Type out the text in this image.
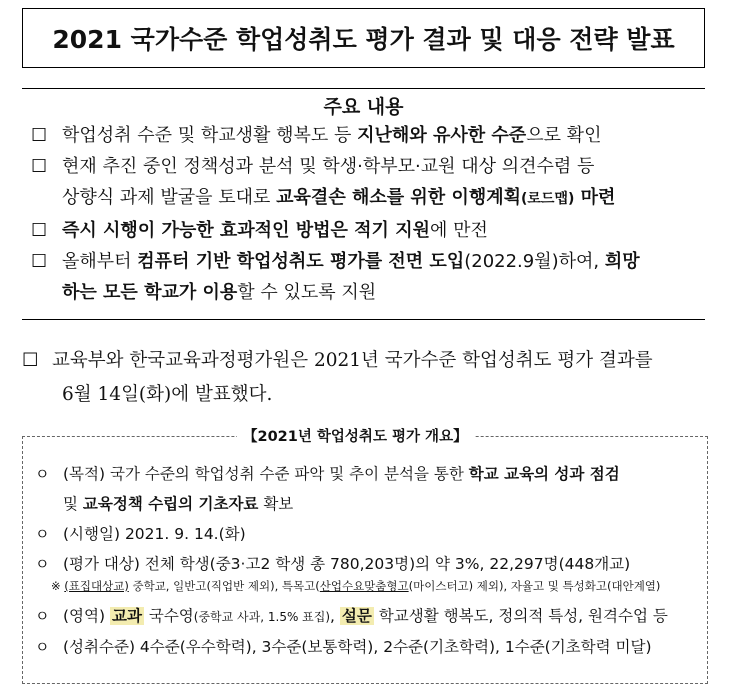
2021 국가수준 학업성취도 평가 결과 및 대응 전략 발표
주요 내용
☐ 학업성취 수준 및 학교생활 행복도 등 지난해와 유사한 수준으로 확인
☐ 현재 추진 중인 정책성과 분석 및 학생·학부모·교원 대상 의견수렴 등
상향식 과제 발굴을 토대로 교육결손 해소를 위한 이행계획(로드맵) 마련
☐ 즉시 시행이 가능한 효과적인 방법은 적기 지원에 만전
☐ 올해부터 컴퓨터 기반 학업성취도 평가를 전면 도입(2022.9월)하여, 희망
하는 모든 학교가 이용할 수 있도록 지원
☐ 교육부와 한국교육과정평가원은 2021년 국가수준 학업성취도 평가 결과를
6월 14일(화)에 발표했다.
【2021년 학업성취도 평가 개요】
ㅇ (목적) 국가 수준의 학업성취 수준 파악 및 추이 분석을 통한 학교 교육의 성과 점검
및 교육정책 수립의 기초자료 확보
ㅇ (시행일) 2021. 9. 14.(화)
ㅇ (평가 대상) 전체 학생(중3·고2 학생 총 780,203명)의 약 3%, 22,297명(448개교)
※ (표집대상교) 중학교, 일반고(직업반 제외), 특목고(산업수요맞춤형고(마이스터고) 제외), 자율고 및 특성화고(대안계열)
ㅇ (영역) 교과 국수영(중학교 사과, 1.5% 표집), 설문 학교생활 행복도, 정의적 특성, 원격수업 등
ㅇ (성취수준) 4수준(우수학력), 3수준(보통학력), 2수준(기초학력), 1수준(기초학력 미달)
